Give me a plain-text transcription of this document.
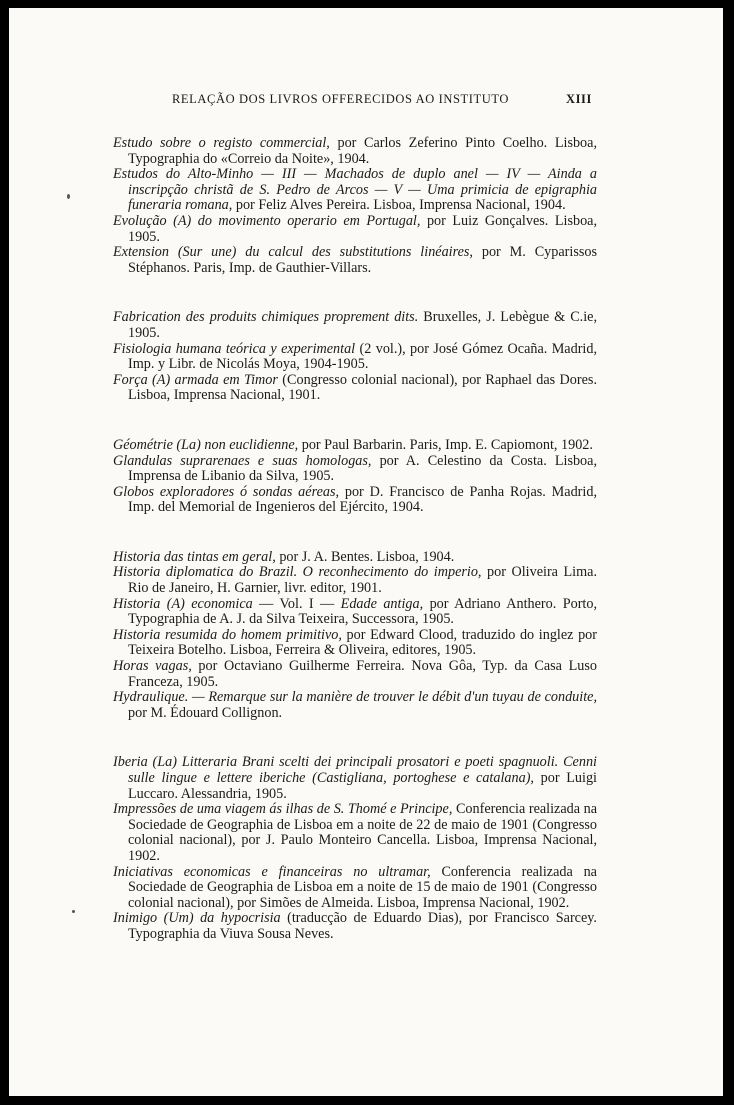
RELAÇÃO DOS LIVROS OFFERECIDOS AO INSTITUTO	XIII

Estudo sobre o registo commercial, por Carlos Zeferino Pinto Coelho. Lisboa, Typographia do «Correio da Noite», 1904.

Estudos do Alto-Minho — III — Machados de duplo anel — IV — Ainda a inscripção christã de S. Pedro de Arcos — V — Uma primicia de epigraphia funeraria romana, por Feliz Alves Pereira. Lisboa, Imprensa Nacional, 1904.

Evolução (A) do movimento operario em Portugal, por Luiz Gonçalves. Lisboa, 1905.

Extension (Sur une) du calcul des substitutions linéaires, por M. Cyparissos Stéphanos. Paris, Imp. de Gauthier-Villars.

Fabrication des produits chimiques proprement dits. Bruxelles, J. Lebègue & C.ie, 1905.

Fisiologia humana teórica y experimental (2 vol.), por José Gómez Ocaña. Madrid, Imp. y Libr. de Nicolás Moya, 1904-1905.

Força (A) armada em Timor (Congresso colonial nacional), por Raphael das Dores. Lisboa, Imprensa Nacional, 1901.

Géométrie (La) non euclidienne, por Paul Barbarin. Paris, Imp. E. Capiomont, 1902.

Glandulas suprarenaes e suas homologas, por A. Celestino da Costa. Lisboa, Imprensa de Libanio da Silva, 1905.

Globos exploradores ó sondas aéreas, por D. Francisco de Panha Rojas. Madrid, Imp. del Memorial de Ingenieros del Ejército, 1904.

Historia das tintas em geral, por J. A. Bentes. Lisboa, 1904.

Historia diplomatica do Brazil. O reconhecimento do imperio, por Oliveira Lima. Rio de Janeiro, H. Garnier, livr. editor, 1901.

Historia (A) economica — Vol. I — Edade antiga, por Adriano Anthero. Porto, Typographia de A. J. da Silva Teixeira, Successora, 1905.

Historia resumida do homem primitivo, por Edward Clood, traduzido do inglez por Teixeira Botelho. Lisboa, Ferreira & Oliveira, editores, 1905.

Horas vagas, por Octaviano Guilherme Ferreira. Nova Gôa, Typ. da Casa Luso Franceza, 1905.

Hydraulique. — Remarque sur la manière de trouver le débit d'un tuyau de conduite, por M. Édouard Collignon.

Iberia (La) Litteraria Brani scelti dei principali prosatori e poeti spagnuoli. Cenni sulle lingue e lettere iberiche (Castigliana, portoghese e catalana), por Luigi Luccaro. Alessandria, 1905.

Impressões de uma viagem ás ilhas de S. Thomé e Principe, Conferencia realizada na Sociedade de Geographia de Lisboa em a noite de 22 de maio de 1901 (Congresso colonial nacional), por J. Paulo Monteiro Cancella. Lisboa, Imprensa Nacional, 1902.

Iniciativas economicas e financeiras no ultramar, Conferencia realizada na Sociedade de Geographia de Lisboa em a noite de 15 de maio de 1901 (Congresso colonial nacional), por Simões de Almeida. Lisboa, Imprensa Nacional, 1902.

Inimigo (Um) da hypocrisia (traducção de Eduardo Dias), por Francisco Sarcey. Typographia da Viuva Sousa Neves.
